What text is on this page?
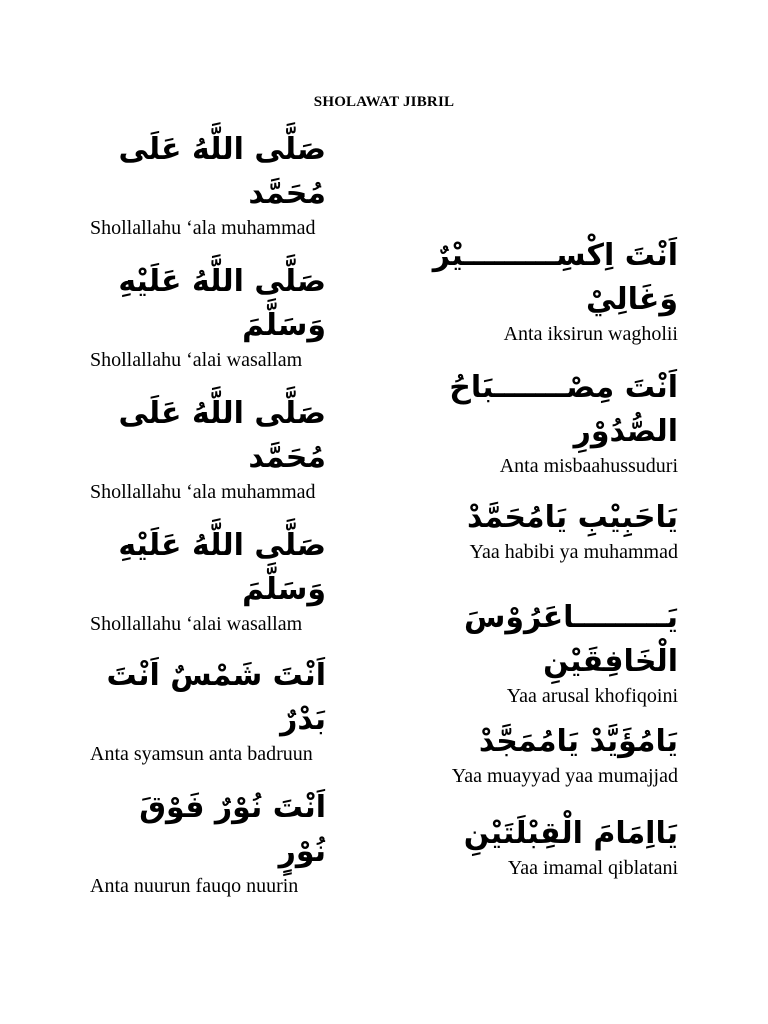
SHOLAWAT JIBRIL

صَلَّى اللَّهُ عَلَى مُحَمَّد

Shollallahu ‘ala muhammad

صَلَّى اللَّهُ عَلَيْهِ وَسَلَّمَ

Shollallahu ‘alai wasallam

صَلَّى اللَّهُ عَلَى مُحَمَّد

Shollallahu ‘ala muhammad

صَلَّى اللَّهُ عَلَيْهِ وَسَلَّمَ

Shollallahu ‘alai wasallam

اَنْتَ شَمْسٌ اَنْتَ بَدْرٌ

Anta syamsun anta badruun

اَنْتَ نُوْرٌ فَوْقَ نُوْرٍ

Anta nuurun fauqo nuurin

اَنْتَ اِكْسِـــــــــيْرٌ وَغَالِيْ

Anta iksirun wagholii

اَنْتَ مِصْـــــــبَاحُ الصُّدُوْرِ

Anta misbaahussuduri

يَاحَبِيْبِ يَامُحَمَّدْ

Yaa habibi ya muhammad

يَـــــــــاعَرُوْسَ الْخَافِقَيْنِ

Yaa arusal khofiqoini

يَامُؤَيَّدْ يَامُمَجَّدْ

Yaa muayyad yaa mumajjad

يَااِمَامَ الْقِبْلَتَيْنِ

Yaa imamal qiblatani
